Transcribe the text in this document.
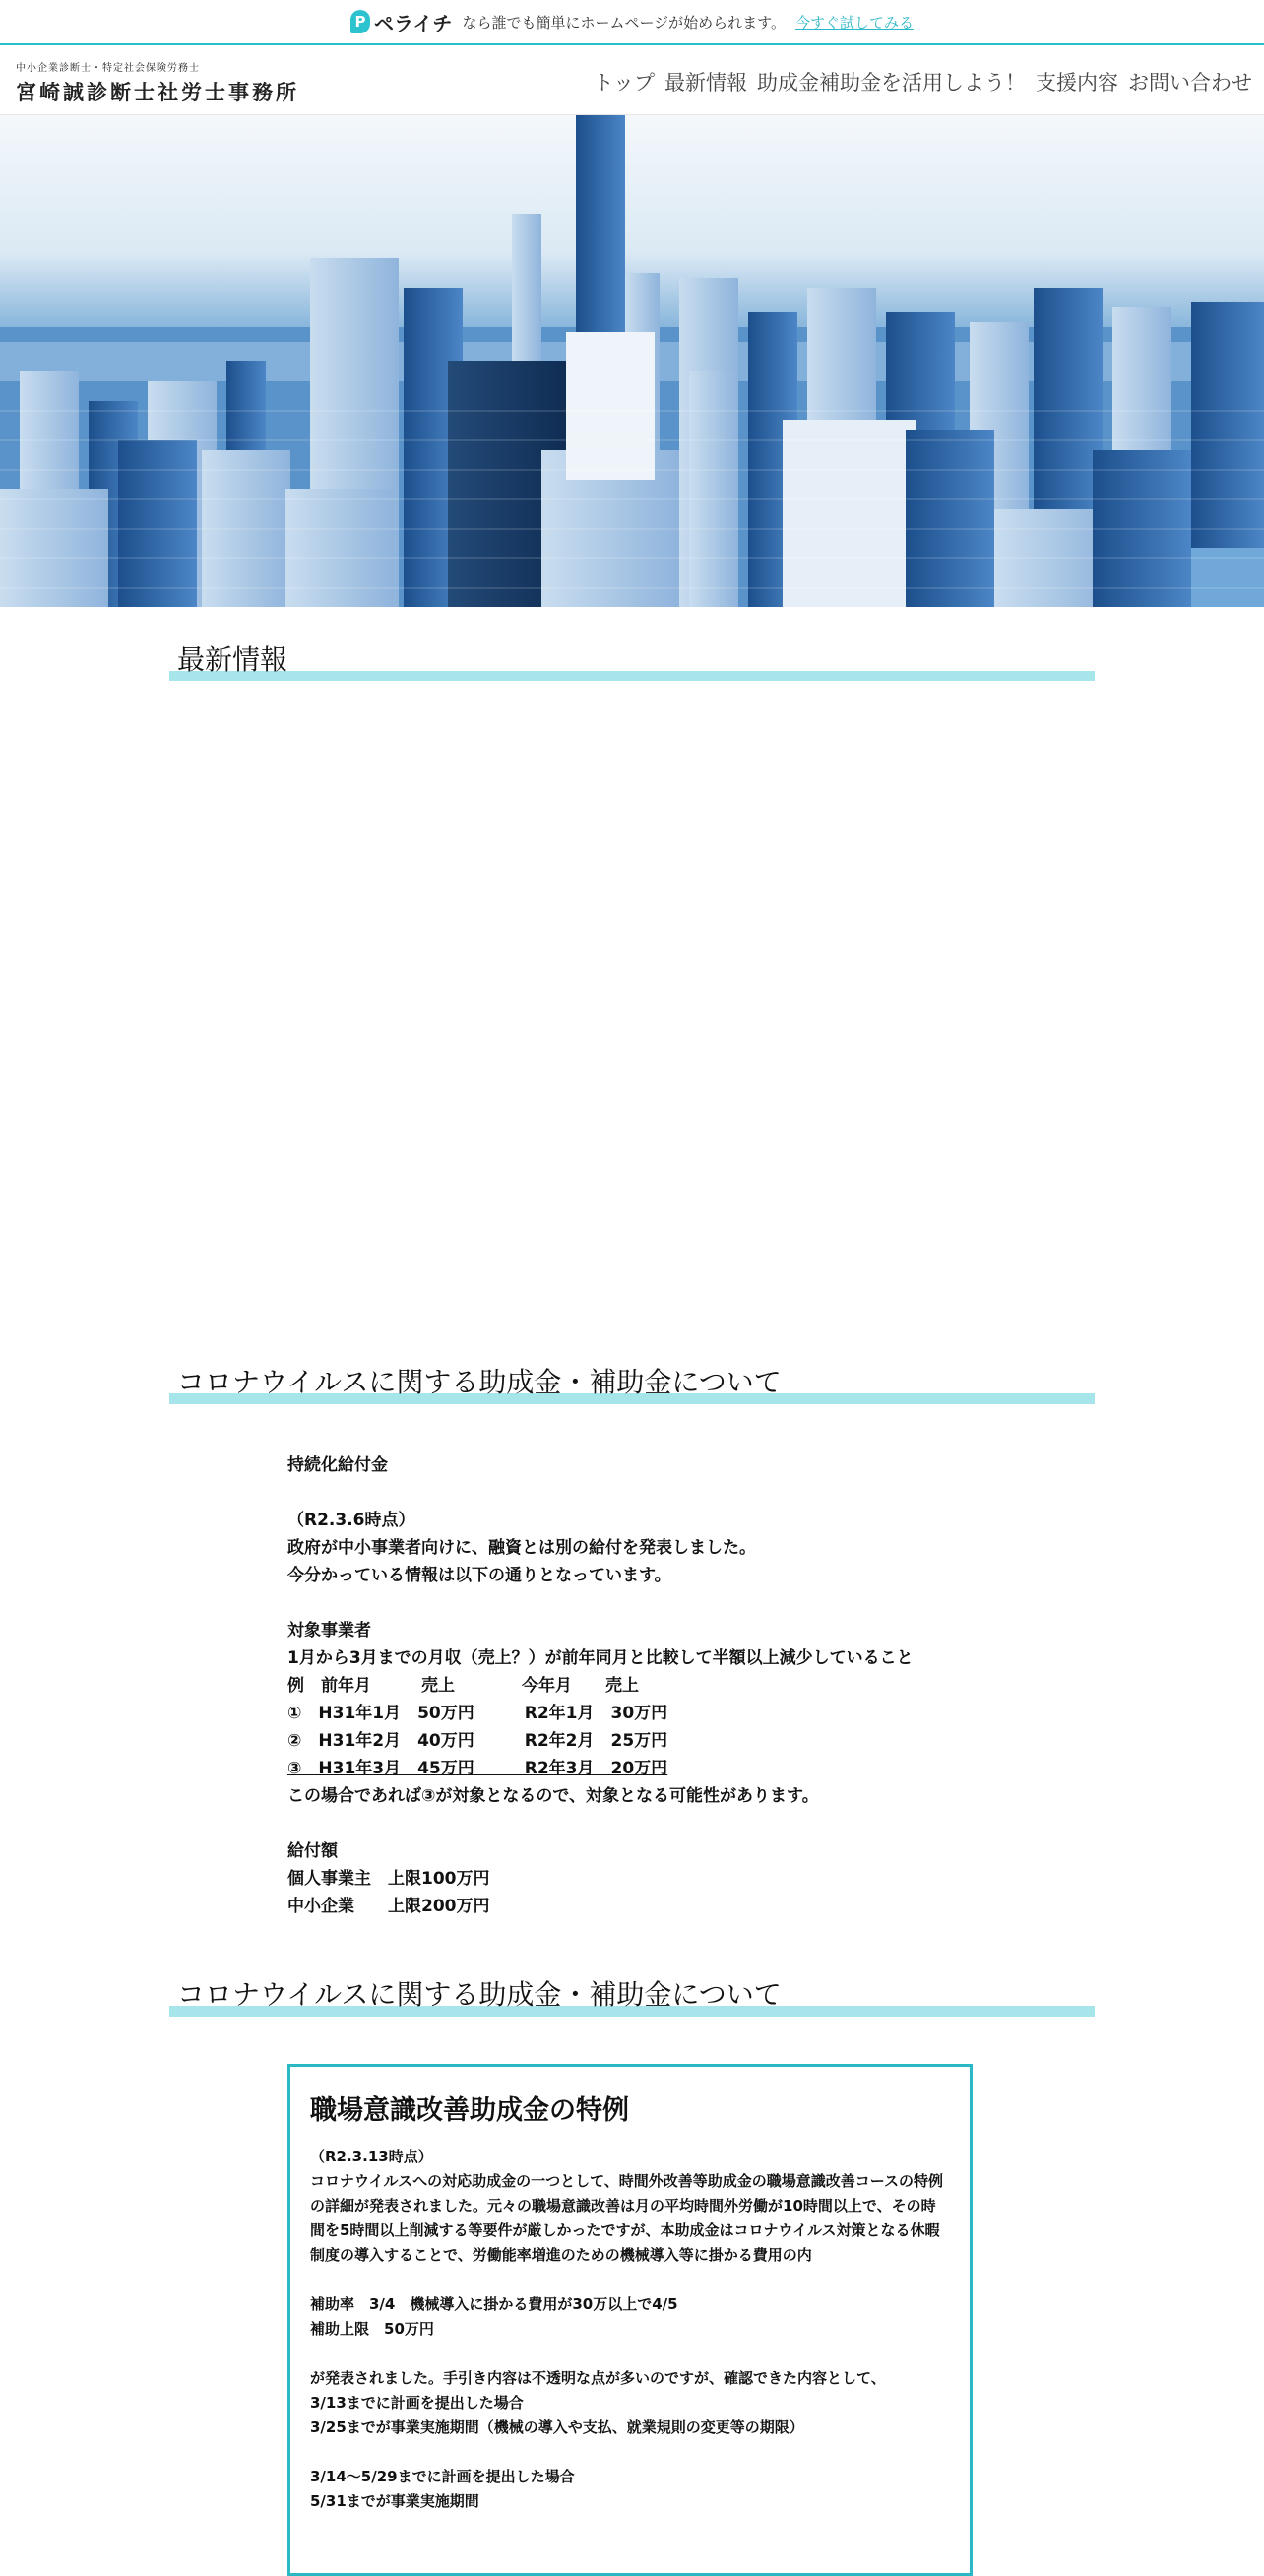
P ペライチ なら誰でも簡単にホームページが始められます。 今すぐ試してみる
中小企業診断士・特定社会保険労務士
宮崎誠診断士社労士事務所	トップ 最新情報 助成金補助金を活用しよう！ 支援内容 お問い合わせ
最新情報
コロナウイルスに関する助成金・補助金について

持続化給付金

（R2.3.6時点）

政府が中小事業者向けに、融資とは別の給付を発表しました。

今分かっている情報は以下の通りとなっています。

対象事業者

1月から3月までの月収（売上？）が前年同月と比較して半額以上減少していること

例　前年月　　　売上　　　　今年月　　売上

①　H31年1月　50万円　　　R2年1月　30万円

②　H31年2月　40万円　　　R2年2月　25万円

③　H31年3月　45万円　　　R2年3月　20万円

この場合であれば③が対象となるので、対象となる可能性があります。

給付額

個人事業主　上限100万円

中小企業　　上限200万円

コロナウイルスに関する助成金・補助金について
職場意識改善助成金の特例

（R2.3.13時点）

コロナウイルスへの対応助成金の一つとして、時間外改善等助成金の職場意識改善コースの特例の詳細が発表されました。元々の職場意識改善は月の平均時間外労働が10時間以上で、その時間を5時間以上削減する等要件が厳しかったですが、本助成金はコロナウイルス対策となる休暇制度の導入することで、労働能率増進のための機械導入等に掛かる費用の内

補助率　3/4　機械導入に掛かる費用が30万以上で4/5

補助上限　50万円

が発表されました。手引き内容は不透明な点が多いのですが、確認できた内容として、

3/13までに計画を提出した場合

3/25までが事業実施期間（機械の導入や支払、就業規則の変更等の期限）

3/14～5/29までに計画を提出した場合

5/31までが事業実施期間
